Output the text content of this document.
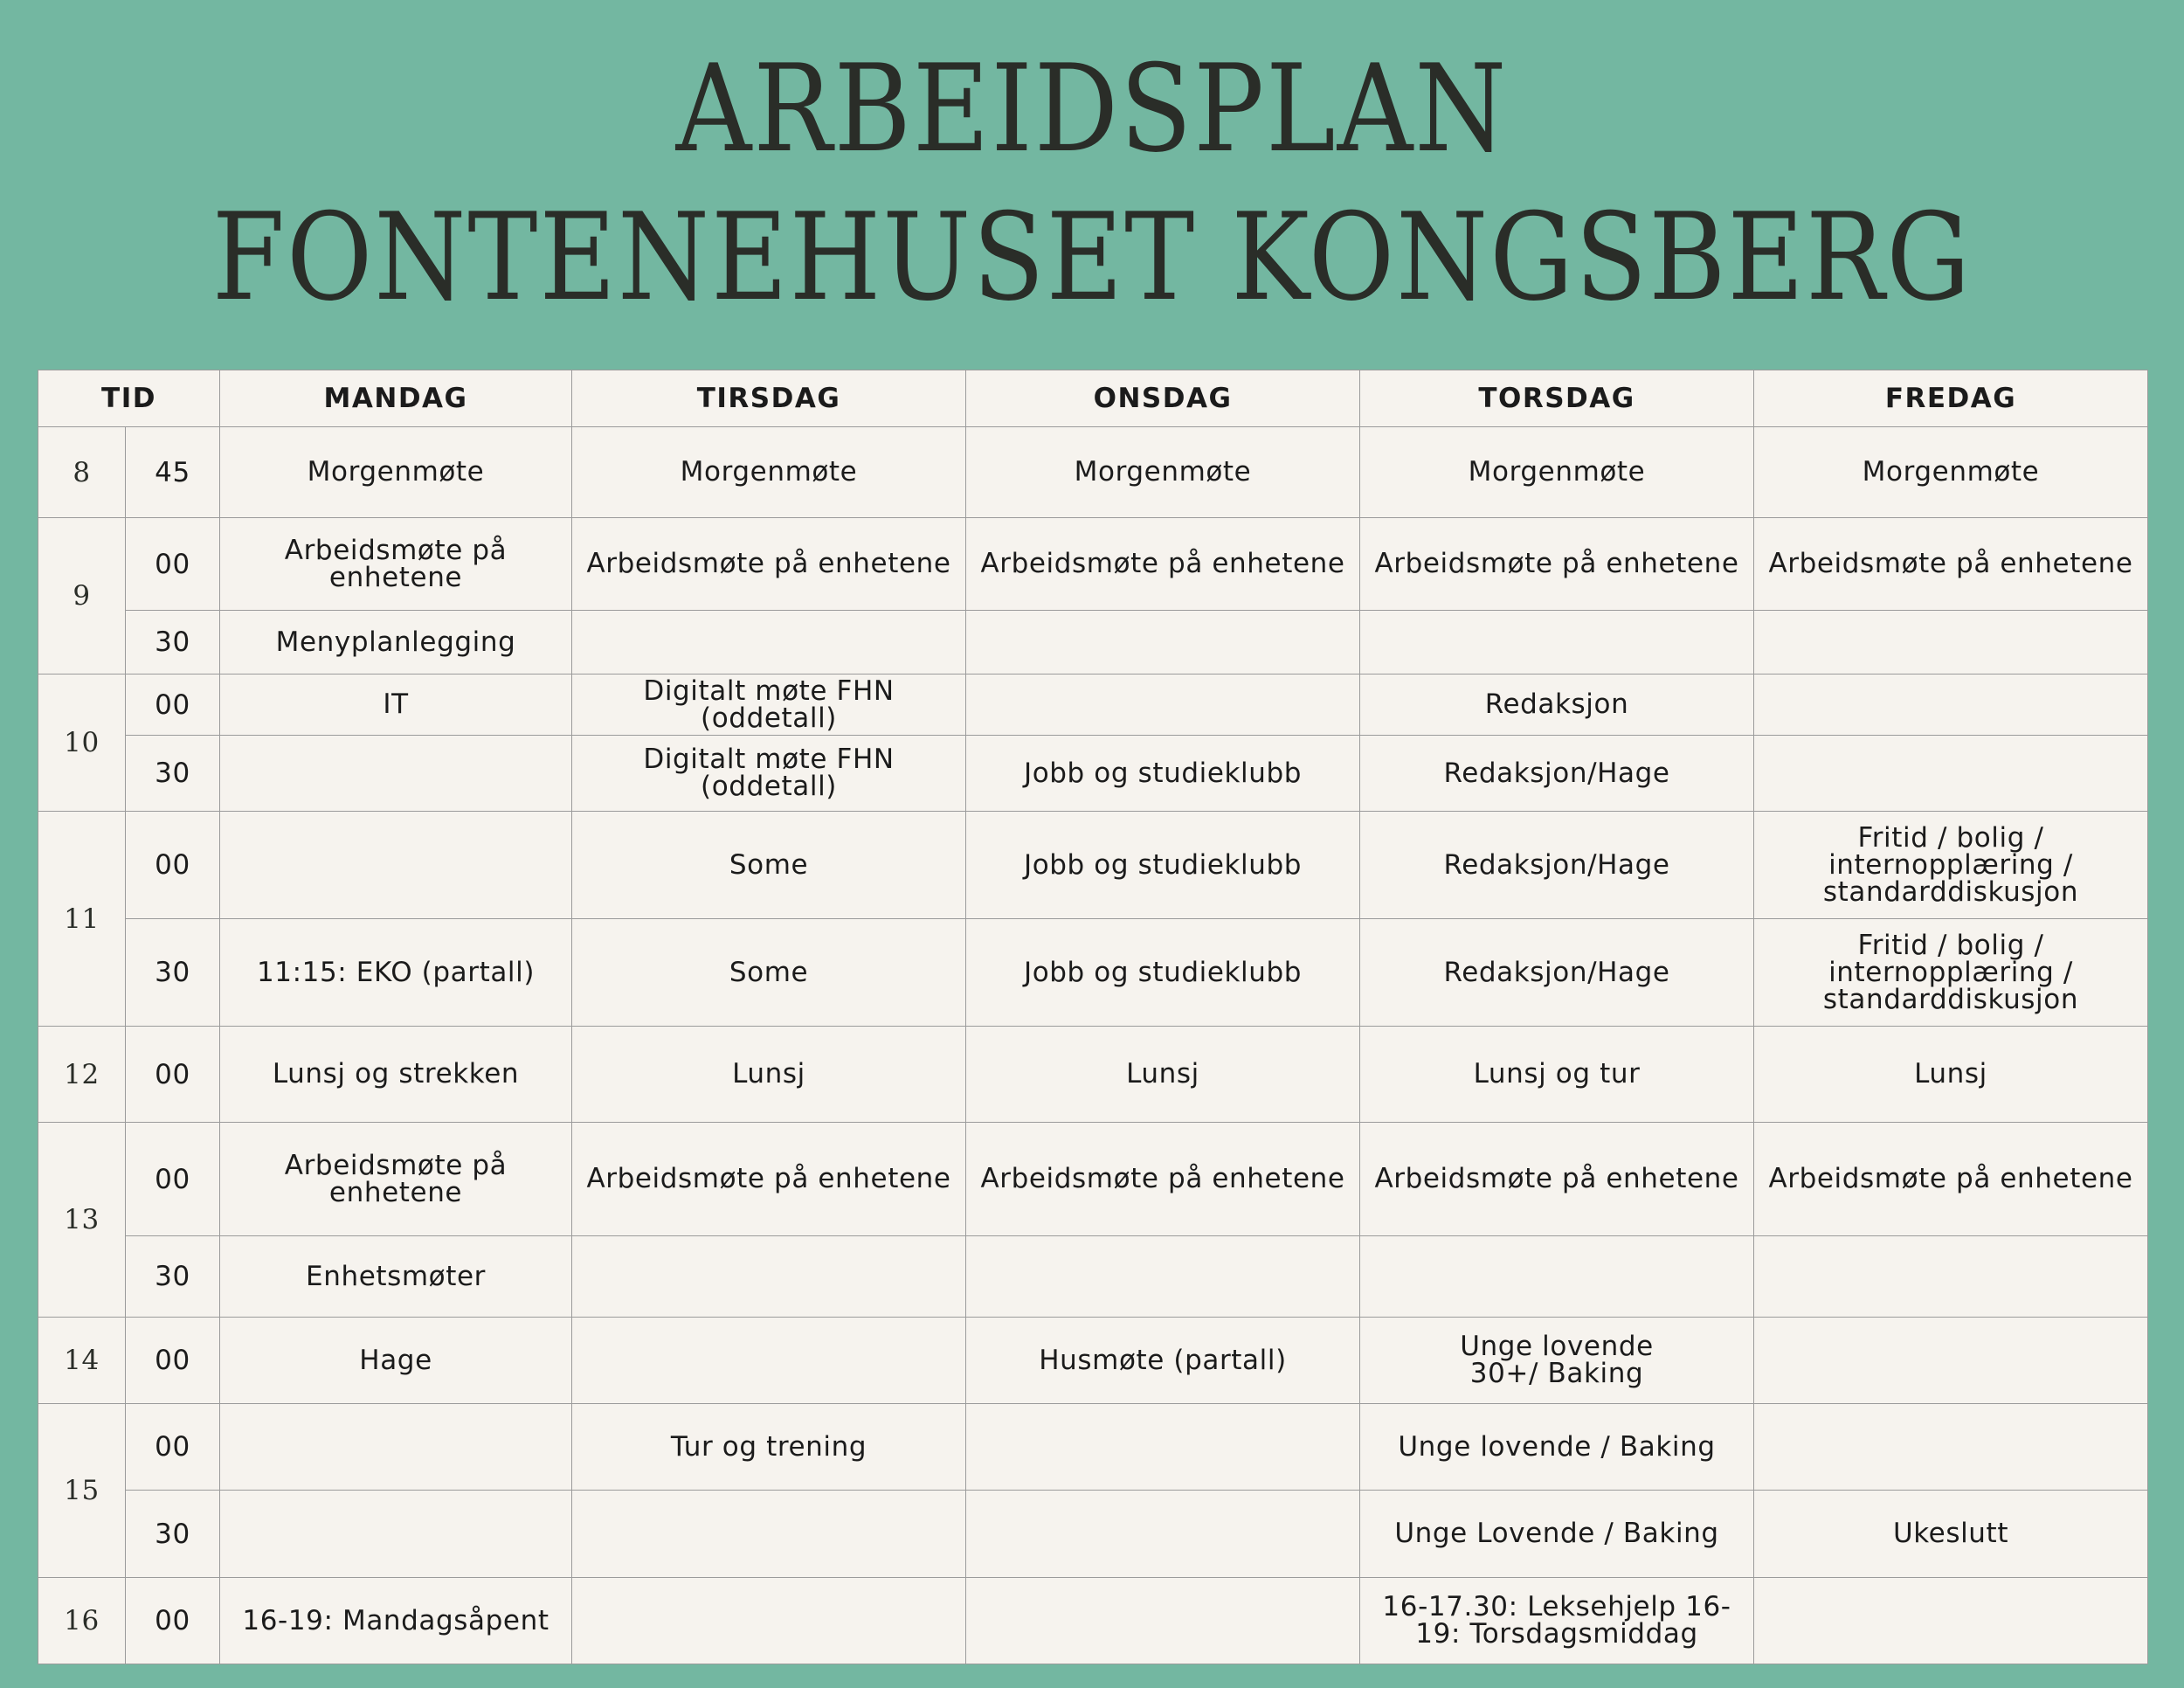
ARBEIDSPLAN
FONTENEHUSET KONGSBERG
TID		MANDAG	TIRSDAG	ONSDAG	TORSDAG	FREDAG
8	45	Morgenmøte	Morgenmøte	Morgenmøte	Morgenmøte	Morgenmøte
9	00	Arbeidsmøte på enhetene	Arbeidsmøte på enhetene	Arbeidsmøte på enhetene	Arbeidsmøte på enhetene	Arbeidsmøte på enhetene
	30	Menyplanlegging				
10	00	IT	Digitalt møte FHN (oddetall)		Redaksjon	
	30		Digitalt møte FHN (oddetall)	Jobb og studieklubb	Redaksjon/Hage	
11	00		Some	Jobb og studieklubb	Redaksjon/Hage	Fritid / bolig / internopplæring / standarddiskusjon
	30	11:15: EKO (partall)	Some	Jobb og studieklubb	Redaksjon/Hage	Fritid / bolig / internopplæring / standarddiskusjon
12	00	Lunsj og strekken	Lunsj	Lunsj	Lunsj og tur	Lunsj
13	00	Arbeidsmøte på enhetene	Arbeidsmøte på enhetene	Arbeidsmøte på enhetene	Arbeidsmøte på enhetene	Arbeidsmøte på enhetene
	30	Enhetsmøter				
14	00	Hage		Husmøte (partall)	Unge lovende 30+/ Baking	
15	00		Tur og trening		Unge lovende / Baking	
	30				Unge Lovende / Baking	Ukeslutt
16	00	16-19: Mandagsåpent			16-17.30: Leksehjelp 16-19: Torsdagsmiddag	
